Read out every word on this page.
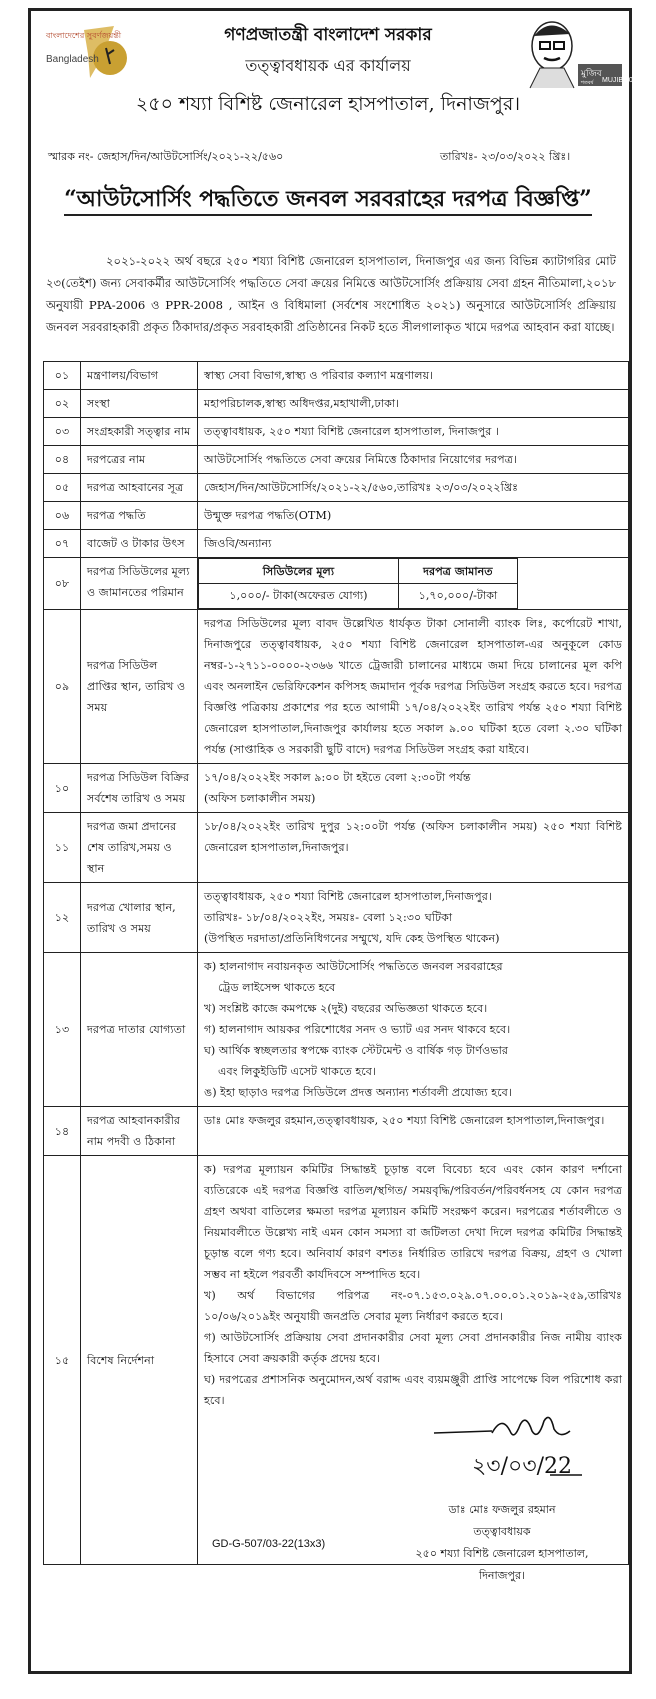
বাংলাদেশের সুবর্ণজয়ন্তী
Bangladesh
মুজিব
শতবর্ষ MUJIB 100
গণপ্রজাতন্ত্রী বাংলাদেশ সরকার
তত্ত্বাবধায়ক এর কার্যালয়
২৫০ শয্যা বিশিষ্ট জেনারেল হাসপাতাল, দিনাজপুর।
স্মারক নং- জেহাস/দিন/আউটসোর্সিং/২০২১-২২/৫৬০	তারিখঃ- ২৩/০৩/২০২২ খ্রিঃ।
“আউটসোর্সিং পদ্ধতিতে জনবল সরবরাহের দরপত্র বিজ্ঞপ্তি”
২০২১-২০২২ অর্থ বছরে ২৫০ শয্যা বিশিষ্ট জেনারেল হাসপাতাল, দিনাজপুর এর জন্য বিভিন্ন ক্যাটাগরির মোট ২৩(তেইশ) জন্য সেবাকর্মীর আউটসোর্সিং পদ্ধতিতে সেবা ক্রয়ের নিমিত্তে আউটসোর্সিং প্রক্রিয়ায় সেবা গ্রহন নীতিমালা,২০১৮ অনুযায়ী PPA-2006 ও PPR-2008 , আইন ও বিধিমালা (সর্বশেষ সংশোধিত ২০২১) অনুসারে আউটসোর্সিং প্রক্রিয়ায় জনবল সরবরাহকারী প্রকৃত ঠিকাদার/প্রকৃত সরবাহকারী প্রতিষ্ঠানের নিকট হতে সীলগালাকৃত খামে দরপত্র আহবান করা যাচ্ছে।
০১	মন্ত্রণালয়/বিভাগ	স্বাস্থ্য সেবা বিভাগ,স্বাস্থ্য ও পরিবার কল্যাণ মন্ত্রণালয়।
০২	সংস্থা	মহাপরিচালক,স্বাস্থ্য অধিদপ্তর,মহাখালী,ঢাকা।
০৩	সংগ্রহকারী সত্ত্বার নাম	তত্ত্বাবধায়ক, ২৫০ শয্যা বিশিষ্ট জেনারেল হাসপাতাল, দিনাজপুর ।
০৪	দরপত্রের নাম	আউটসোর্সিং পদ্ধতিতে সেবা ক্রয়ের নিমিত্তে ঠিকাদার নিয়োগের দরপত্র।
০৫	দরপত্র আহবানের সূত্র	জেহাস/দিন/আউটসোর্সিং/২০২১-২২/৫৬০,তারিখঃ ২৩/০৩/২০২২খ্রিঃ
০৬	দরপত্র পদ্ধতি	উন্মুক্ত দরপত্র পদ্ধতি(OTM)
০৭	বাজেট ও টাকার উৎস	জিওবি/অন্যান্য
০৮	দরপত্র সিডিউলের মূল্য ও জামানতের পরিমান	
সিডিউলের মূল্য	দরপত্র জামানত
১,০০০/- টাকা(অফেরত যোগ্য)	১,৭০,০০০/-টাকা

০৯	দরপত্র সিডিউল প্রাপ্তির স্থান, তারিখ ও সময়	দরপত্র সিডিউলের মূল্য বাবদ উল্লেখিত ধার্যকৃত টাকা সোনালী ব্যাংক লিঃ, কর্পোরেট শাখা, দিনাজপুরে তত্ত্বাবধায়ক, ২৫০ শয্যা বিশিষ্ট জেনারেল হাসপাতাল-এর অনুকূলে কোড নম্বর-১-২৭১১-০০০০-২৩৬৬ খাতে ট্রেজারী চালানের মাধ্যমে জমা দিয়ে চালানের মূল কপি এবং অনলাইন ভেরিফিকেশন কপিসহ জমাদান পূর্বক দরপত্র সিডিউল সংগ্রহ করতে হবে। দরপত্র বিজ্ঞপ্তি পত্রিকায় প্রকাশের পর হতে আগামী ১৭/০৪/২০২২ইং তারিখ পর্যন্ত ২৫০ শয্যা বিশিষ্ট জেনারেল হাসপাতাল,দিনাজপুর কার্যালয় হতে সকাল ৯.০০ ঘটিকা হতে বেলা ২.৩০ ঘটিকা পর্যন্ত (সাপ্তাহিক ও সরকারী ছুটি বাদে) দরপত্র সিডিউল সংগ্রহ করা যাইবে।
১০	দরপত্র সিডিউল বিক্রির সর্বশেষ তারিখ ও সময়	
১৭/০৪/২০২২ইং সকাল ৯:০০ টা হইতে বেলা ২:৩০টা পর্যন্ত
(অফিস চলাকালীন সময়)

১১	দরপত্র জমা প্রদানের শেষ তারিখ,সময় ও স্থান	১৮/০৪/২০২২ইং তারিখ দুপুর ১২:০০টা পর্যন্ত (অফিস চলাকালীন সময়) ২৫০ শয্যা বিশিষ্ট জেনারেল হাসপাতাল,দিনাজপুর।
১২	দরপত্র খোলার স্থান, তারিখ ও সময়	
তত্ত্বাবধায়ক, ২৫০ শয্যা বিশিষ্ট জেনারেল হাসপাতাল,দিনাজপুর।
তারিখঃ- ১৮/০৪/২০২২ইং, সময়ঃ- বেলা ১২:৩০ ঘটিকা
(উপস্থিত দরদাতা/প্রতিনিধিগনের সম্মুখে, যদি কেহ উপস্থিত থাকেন)

১৩	দরপত্র দাতার যোগ্যতা	
ক) হালনাগাদ নবায়নকৃত আউটসোর্সিং পদ্ধতিতে জনবল সরবরাহের
ট্রেড লাইসেন্স থাকতে হবে
খ) সংশ্লিষ্ট কাজে কমপক্ষে ২(দুই) বছরের অভিজ্ঞতা থাকতে হবে।
গ) হালনাগাদ আয়কর পরিশোধের সনদ ও ভ্যাট এর সনদ থাকবে হবে।
ঘ) আর্থিক স্বচ্ছলতার স্বপক্ষে ব্যাংক স্টেটমেন্ট ও বার্ষিক গড় টার্ণওভার
এবং লিকুইডিটি এসেট থাকতে হবে।
ঙ) ইহা ছাড়াও দরপত্র সিডিউলে প্রদত্ত অন্যান্য শর্তাবলী প্রযোজ্য হবে।

১৪	দরপত্র আহবানকারীর নাম পদবী ও ঠিকানা	ডাঃ মোঃ ফজলুর রহমান,তত্ত্বাবধায়ক, ২৫০ শয্যা বিশিষ্ট জেনারেল হাসপাতাল,দিনাজপুর।
১৫	বিশেষ নির্দেশনা	
ক) দরপত্র মূল্যায়ন কমিটির সিদ্ধান্তই চূড়ান্ত বলে বিবেচ্য হবে এবং কোন কারণ দর্শানো ব্যতিরেকে এই দরপত্র বিজ্ঞপ্তি বাতিল/স্থগিত/ সময়বৃদ্ধি/পরিবর্তন/পরিবর্ধনসহ যে কোন দরপত্র গ্রহণ অথবা বাতিলের ক্ষমতা দরপত্র মূল্যায়ন কমিটি সংরক্ষণ করেন। দরপত্রের শর্তাবলীতে ও নিয়মাবলীতে উল্লেখ্য নাই এমন কোন সমস্যা বা জটিলতা দেখা দিলে দরপত্র কমিটির সিদ্ধান্তই চূড়ান্ত বলে গণ্য হবে। অনিবার্য কারণ বশতঃ নির্ধারিত তারিখে দরপত্র বিক্রয়, গ্রহণ ও খোলা সম্ভব না হইলে পরবর্তী কার্যদিবসে সম্পাদিত হবে।
খ) অর্থ বিভাগের পরিপত্র নং-০৭.১৫৩.০২৯.০৭.০০.০১.২০১৯-২৫৯,তারিখঃ ১০/০৬/২০১৯ইং অনুযায়ী জনপ্রতি সেবার মূল্য নির্ধারণ করতে হবে।
গ) আউটসোর্সিং প্রক্রিয়ায় সেবা প্রদানকারীর সেবা মূল্য সেবা প্রদানকারীর নিজ নামীয় ব্যাংক হিসাবে সেবা ক্রয়কারী কর্তৃক প্রদেয় হবে।
ঘ) দরপত্রের প্রশাসনিক অনুমোদন,অর্থ বরাদ্দ এবং ব্যয়মঞ্জুরী প্রাপ্তি সাপেক্ষে বিল পরিশোধ করা হবে।
২৩/০৩/22
ডাঃ মোঃ ফজলুর রহমান
তত্ত্বাবধায়ক
২৫০ শয্যা বিশিষ্ট জেনারেল হাসপাতাল,
দিনাজপুর।
GD-G-507/03-22(13x3)
